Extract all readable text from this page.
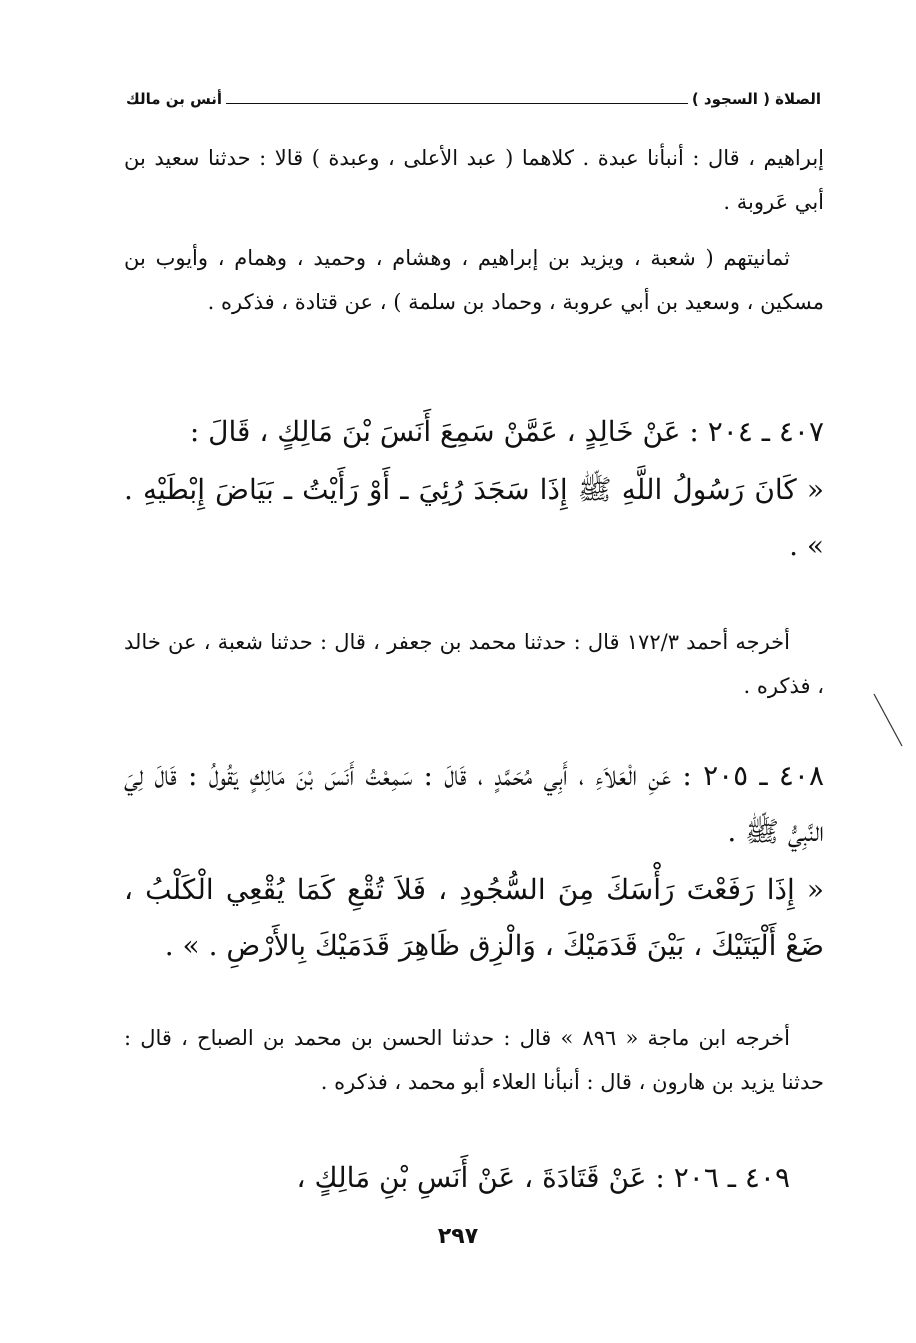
الصلاة ( السجود )
أنس بن مالك
إبراهيم ، قال : أنبأنا عبدة . كلاهما ( عبد الأعلى ، وعبدة ) قالا : حدثنا سعيد بن أبي عَروبة .
ثمانيتهم ( شعبة ، ويزيد بن إبراهيم ، وهشام ، وحميد ، وهمام ، وأيوب بن مسكين ، وسعيد بن أبي عروبة ، وحماد بن سلمة ) ، عن قتادة ، فذكره .
٤٠٧ ـ ٢٠٤ : عَنْ خَالِدٍ ، عَمَّنْ سَمِعَ أَنَسَ بْنَ مَالِكٍ ، قَالَ :
« كَانَ رَسُولُ اللَّهِ ﷺ إِذَا سَجَدَ رُئِيَ ـ أَوْ رَأَيْتُ ـ بَيَاضَ إِبْطَيْهِ . » .
أخرجه أحمد ١٧٢/٣ قال : حدثنا محمد بن جعفر ، قال : حدثنا شعبة ، عن خالد ، فذكره .
٤٠٨ ـ ٢٠٥ : عَنِ الْعَلاَءِ ، أَبِي مُحَمَّدٍ ، قَالَ : سَمِعْتُ أَنَسَ بْنَ مَالِكٍ يَقُولُ : قَالَ لِيَ النَّبِيُّ ﷺ .
« إِذَا رَفَعْتَ رَأْسَكَ مِنَ السُّجُودِ ، فَلاَ تُقْعِ كَمَا يُقْعِي الْكَلْبُ ، ضَعْ أَلْيَتَيْكَ ، بَيْنَ قَدَمَيْكَ ، وَالْزِق ظَاهِرَ قَدَمَيْكَ بِالأَرْضِ . » .
أخرجه ابن ماجة « ٨٩٦ » قال : حدثنا الحسن بن محمد بن الصباح ، قال : حدثنا يزيد بن هارون ، قال : أنبأنا العلاء أبو محمد ، فذكره .
٤٠٩ ـ ٢٠٦ : عَنْ قَتَادَةَ ، عَنْ أَنَسِ بْنِ مَالِكٍ ،
٢٩٧
